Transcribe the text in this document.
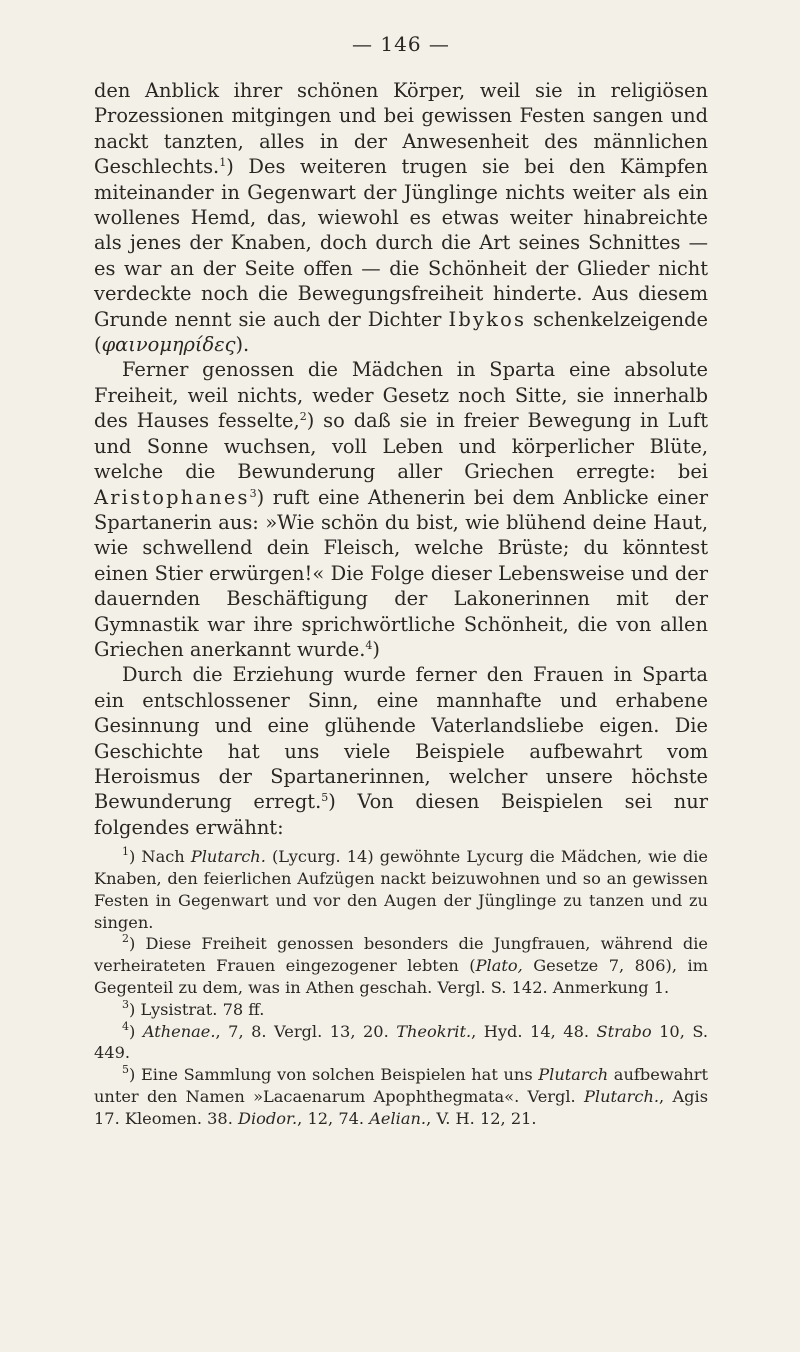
— 146 —

den Anblick ihrer schönen Körper, weil sie in religiösen Prozessionen mitgingen und bei gewissen Festen sangen und nackt tanzten, alles in der Anwesenheit des männlichen Geschlechts.$^1$) Des weiteren trugen sie bei den Kämpfen miteinander in Gegenwart der Jünglinge nichts weiter als ein wollenes Hemd, das, wiewohl es etwas weiter hinabreichte als jenes der Knaben, doch durch die Art seines Schnittes — es war an der Seite offen — die Schönheit der Glieder nicht verdeckte noch die Bewegungsfreiheit hinderte. Aus diesem Grunde nennt sie auch der Dichter Ibykos schenkelzeigende (φαινομηρίδες).

Ferner genossen die Mädchen in Sparta eine absolute Freiheit, weil nichts, weder Gesetz noch Sitte, sie innerhalb des Hauses fesselte,$^2$) so daß sie in freier Bewegung in Luft und Sonne wuchsen, voll Leben und körperlicher Blüte, welche die Bewunderung aller Griechen erregte: bei Aristophanes$^3$) ruft eine Athenerin bei dem Anblicke einer Spartanerin aus: »Wie schön du bist, wie blühend deine Haut, wie schwellend dein Fleisch, welche Brüste; du könntest einen Stier erwürgen!« Die Folge dieser Lebensweise und der dauernden Beschäftigung der Lakonerinnen mit der Gymnastik war ihre sprichwörtliche Schönheit, die von allen Griechen anerkannt wurde.$^4$)

Durch die Erziehung wurde ferner den Frauen in Sparta ein entschlossener Sinn, eine mannhafte und erhabene Gesinnung und eine glühende Vaterlandsliebe eigen. Die Geschichte hat uns viele Beispiele aufbewahrt vom Heroismus der Spartanerinnen, welcher unsere höchste Bewunderung erregt.$^5$) Von diesen Beispielen sei nur folgendes erwähnt:

$^1$) Nach Plutarch. (Lycurg. 14) gewöhnte Lycurg die Mädchen, wie die Knaben, den feierlichen Aufzügen nackt beizuwohnen und so an gewissen Festen in Gegenwart und vor den Augen der Jünglinge zu tanzen und zu singen.

$^2$) Diese Freiheit genossen besonders die Jungfrauen, während die verheirateten Frauen eingezogener lebten (Plato, Gesetze 7, 806), im Gegenteil zu dem, was in Athen geschah. Vergl. S. 142. Anmerkung 1.

$^3$) Lysistrat. 78 ff.

$^4$) Athenae., 7, 8. Vergl. 13, 20. Theokrit., Hyd. 14, 48. Strabo 10, S. 449.

$^5$) Eine Sammlung von solchen Beispielen hat uns Plutarch aufbewahrt unter den Namen »Lacaenarum Apophthegmata«. Vergl. Plutarch., Agis 17. Kleomen. 38. Diodor., 12, 74. Aelian., V. H. 12, 21.
